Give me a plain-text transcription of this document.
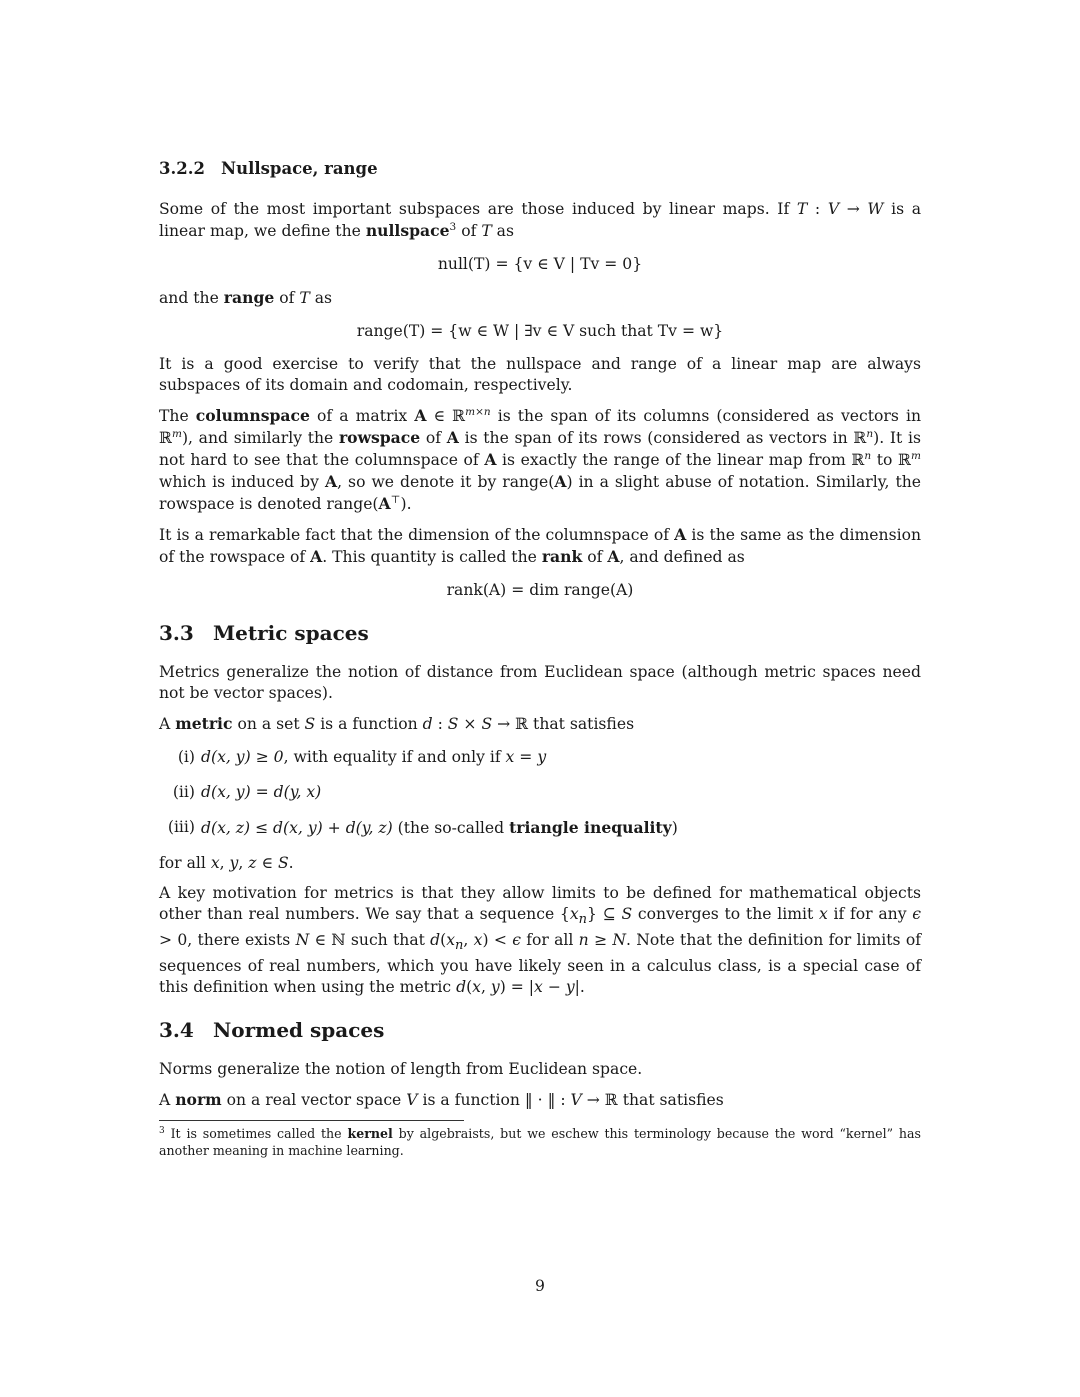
3.2.2 Nullspace, range

Some of the most important subspaces are those induced by linear maps. If T : V → W is a linear map, we define the nullspace$^3$ of T as

null(T) = {v ∈ V | Tv = 0}

and the range of T as

range(T) = {w ∈ W | ∃v ∈ V such that Tv = w}

It is a good exercise to verify that the nullspace and range of a linear map are always subspaces of its domain and codomain, respectively.

The columnspace of a matrix A ∈ ℝ$^{m\times n}$ is the span of its columns (considered as vectors in ℝ$^m$), and similarly the rowspace of A is the span of its rows (considered as vectors in ℝ$^n$). It is not hard to see that the columnspace of A is exactly the range of the linear map from ℝ$^n$ to ℝ$^m$ which is induced by A, so we denote it by range(A) in a slight abuse of notation. Similarly, the rowspace is denoted range(A⊤).

It is a remarkable fact that the dimension of the columnspace of A is the same as the dimension of the rowspace of A. This quantity is called the rank of A, and defined as

rank(A) = dim range(A)
3.3 Metric spaces

Metrics generalize the notion of distance from Euclidean space (although metric spaces need not be vector spaces).

A metric on a set S is a function d : S × S → ℝ that satisfies

(i) d(x, y) ≥ 0, with equality if and only if x = y
(ii) d(x, y) = d(y, x)
(iii) d(x, z) ≤ d(x, y) + d(y, z) (the so-called triangle inequality)

for all x, y, z ∈ S.

A key motivation for metrics is that they allow limits to be defined for mathematical objects other than real numbers. We say that a sequence $\{x_n\}$ ⊆ S converges to the limit x if for any ϵ > 0, there exists N ∈ ℕ such that $d(x_n$, x) < ϵ for all n ≥ N. Note that the definition for limits of sequences of real numbers, which you have likely seen in a calculus class, is a special case of this definition when using the metric d(x, y) = |x − y|.

3.4 Normed spaces

Norms generalize the notion of length from Euclidean space.

A norm on a real vector space V is a function ‖ · ‖ : V → ℝ that satisfies

$^3$ It is sometimes called the kernel by algebraists, but we eschew this terminology because the word “kernel” has another meaning in machine learning.
9
